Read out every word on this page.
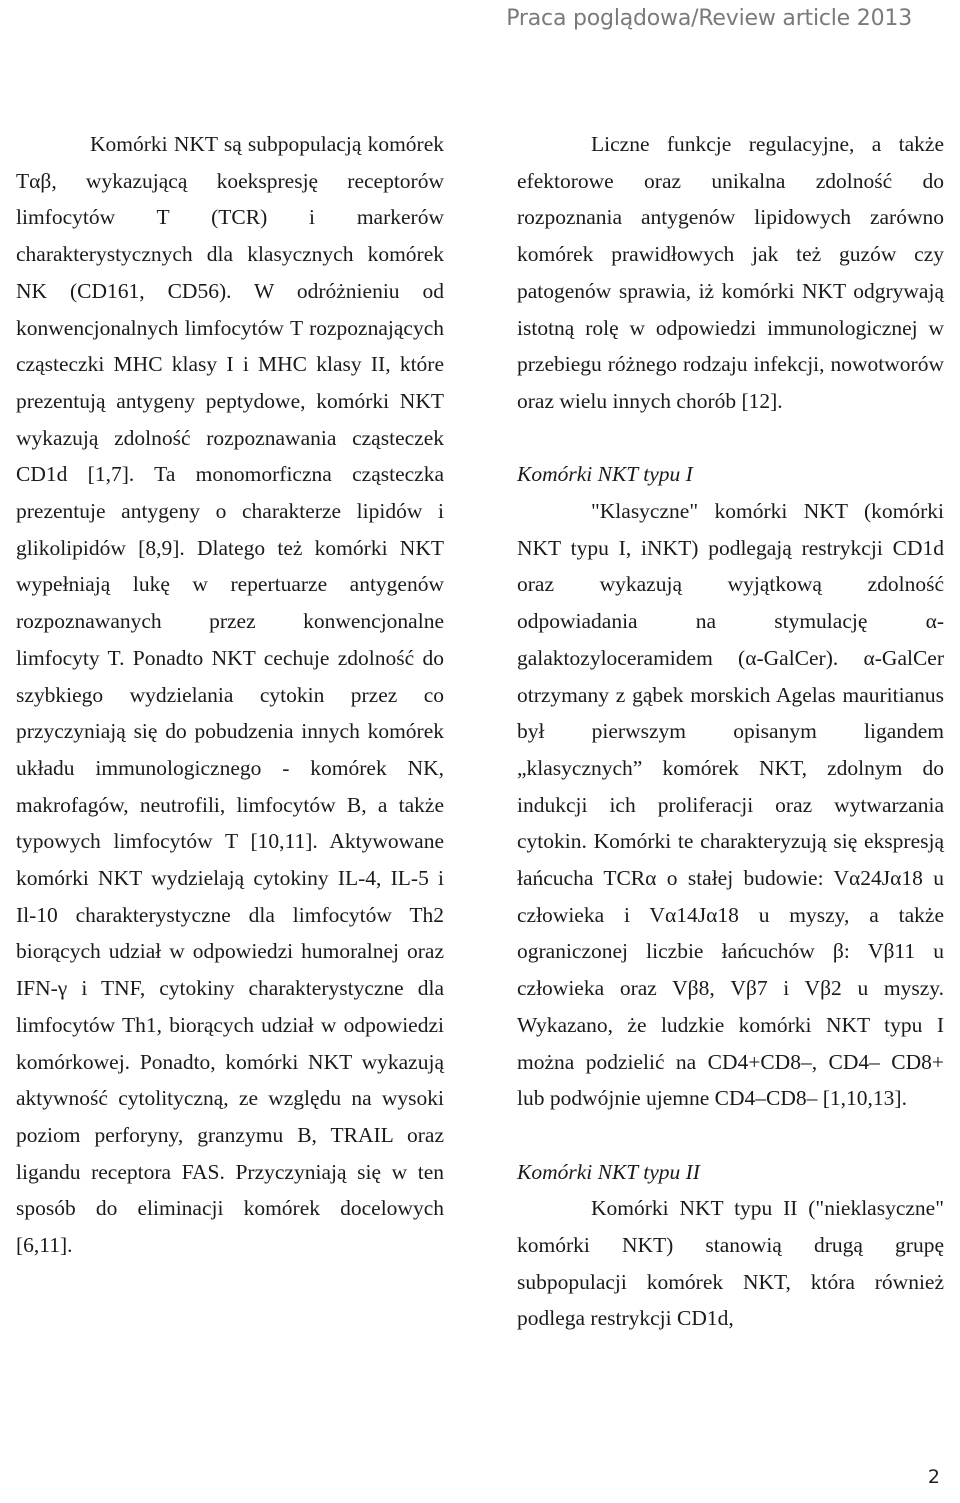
Praca poglądowa/Review article 2013

Komórki NKT są subpopulacją komórek Tαβ, wykazującą koekspresję receptorów limfocytów T (TCR) i markerów charakterystycznych dla klasycznych komórek NK (CD161, CD56). W odróżnieniu od konwencjonalnych limfocytów T rozpoznających cząsteczki MHC klasy I i MHC klasy II, które prezentują antygeny peptydowe, komórki NKT wykazują zdolność rozpoznawania cząsteczek CD1d [1,7]. Ta monomorficzna cząsteczka prezentuje antygeny o charakterze lipidów i glikolipidów [8,9]. Dlatego też komórki NKT wypełniają lukę w repertuarze antygenów rozpoznawanych przez konwencjonalne limfocyty T. Ponadto NKT cechuje zdolność do szybkiego wydzielania cytokin przez co przyczyniają się do pobudzenia innych komórek układu immunologicznego - komórek NK, makrofagów, neutrofili, limfocytów B, a także typowych limfocytów T [10,11]. Aktywowane komórki NKT wydzielają cytokiny IL-4, IL-5 i Il-10 charakterystyczne dla limfocytów Th2 biorących udział w odpowiedzi humoralnej oraz IFN-γ i TNF, cytokiny charakterystyczne dla limfocytów Th1, biorących udział w odpowiedzi komórkowej. Ponadto, komórki NKT wykazują aktywność cytolityczną, ze względu na wysoki poziom perforyny, granzymu B, TRAIL oraz ligandu receptora FAS. Przyczyniają się w ten sposób do eliminacji komórek docelowych [6,11].

Liczne funkcje regulacyjne, a także efektorowe oraz unikalna zdolność do rozpoznania antygenów lipidowych zarówno komórek prawidłowych jak też guzów czy patogenów sprawia, iż komórki NKT odgrywają istotną rolę w odpowiedzi immunologicznej w przebiegu różnego rodzaju infekcji, nowotworów oraz wielu innych chorób [12].

Komórki NKT typu I

"Klasyczne" komórki NKT (komórki NKT typu I, iNKT) podlegają restrykcji CD1d oraz wykazują wyjątkową zdolność odpowiadania na stymulację α-galaktozyloceramidem (α-GalCer). α-GalCer otrzymany z gąbek morskich Agelas mauritianus był pierwszym opisanym ligandem „klasycznych” komórek NKT, zdolnym do indukcji ich proliferacji oraz wytwarzania cytokin. Komórki te charakteryzują się ekspresją łańcucha TCRα o stałej budowie: Vα24Jα18 u człowieka i Vα14Jα18 u myszy, a także ograniczonej liczbie łańcuchów β: Vβ11 u człowieka oraz Vβ8, Vβ7 i Vβ2 u myszy. Wykazano, że ludzkie komórki NKT typu I można podzielić na CD4+CD8–, CD4– CD8+ lub podwójnie ujemne CD4–CD8– [1,10,13].

Komórki NKT typu II

Komórki NKT typu II ("nieklasyczne" komórki NKT) stanowią drugą grupę subpopulacji komórek NKT, która również podlega restrykcji CD1d,

2
